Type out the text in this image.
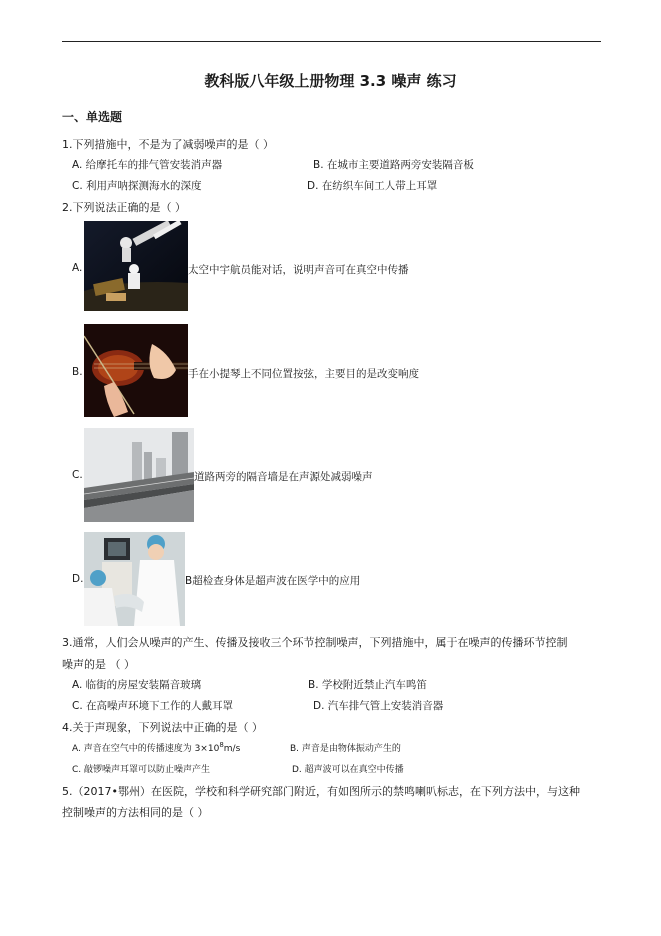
教科版八年级上册物理 3.3 噪声 练习
一、单选题
1.下列措施中，不是为了减弱噪声的是（ ）
A. 给摩托车的排气管安装消声器	B. 在城市主要道路两旁安装隔音板
C. 利用声呐探测海水的深度	D. 在纺织车间工人带上耳罩
2.下列说法正确的是（ ）
A.	太空中宇航员能对话，说明声音可在真空中传播
B.	手在小提琴上不同位置按弦，主要目的是改变响度
C.	道路两旁的隔音墙是在声源处减弱噪声
D.	B超检查身体是超声波在医学中的应用
3.通常，人们会从噪声的产生、传播及接收三个环节控制噪声，下列措施中，属于在噪声的传播环节控制
噪声的是 （ ）
A. 临街的房屋安装隔音玻璃	B. 学校附近禁止汽车鸣笛
C. 在高噪声环境下工作的人戴耳罩	D. 汽车排气管上安装消音器
4.关于声现象，下列说法中正确的是（ ）
A. 声音在空气中的传播速度为 $3\times 10^8m/s$	B. 声音是由物体振动产生的
C. 敲锣噪声耳罩可以防止噪声产生	D. 超声波可以在真空中传播
5.（2017•鄂州）在医院，学校和科学研究部门附近，有如图所示的禁鸣喇叭标志，在下列方法中，与这种
控制噪声的方法相同的是（ ）
